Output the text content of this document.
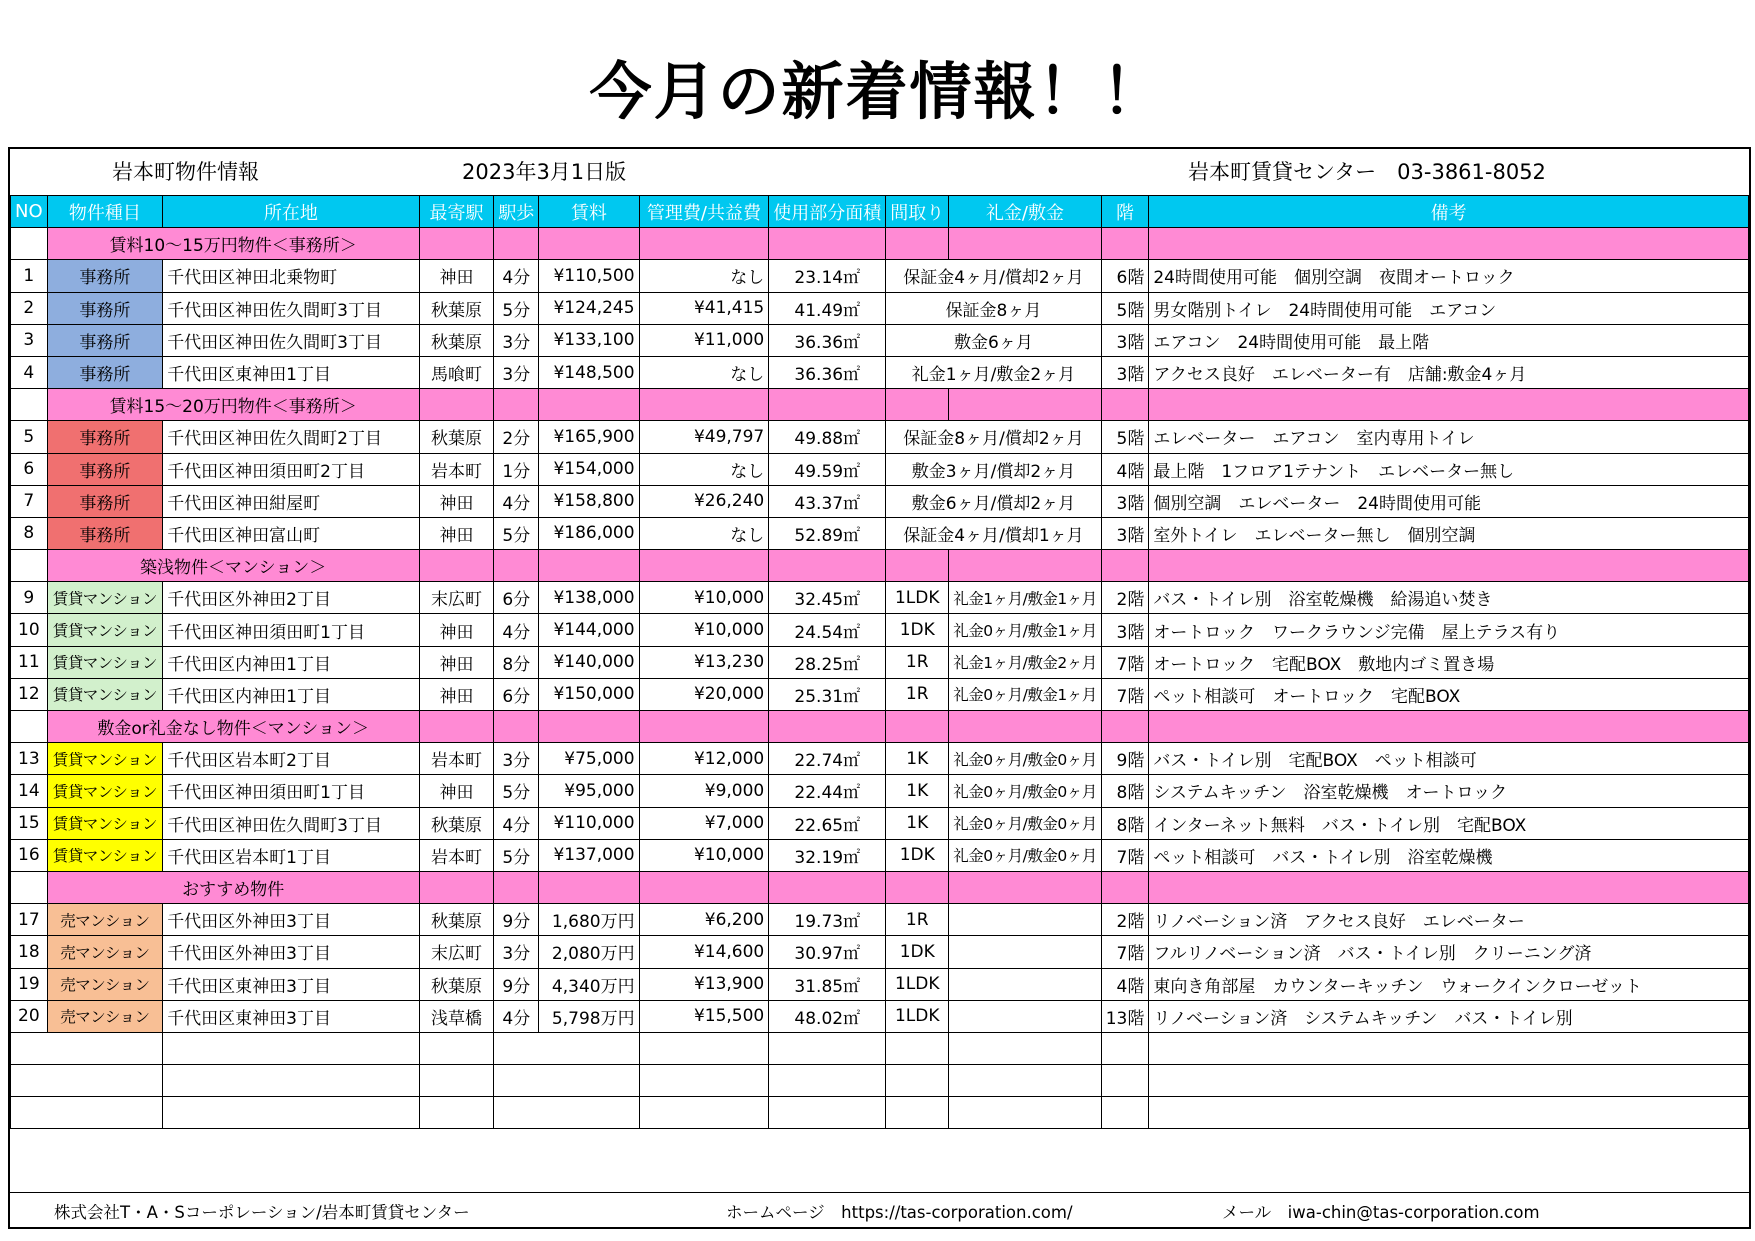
今月の新着情報！！
岩本町物件情報	2023年3月1日版	岩本町賃貸センター　03-3861-8052
NO	物件種目	所在地	最寄駅	駅歩	賃料	管理費/共益費	使用部分面積	間取り	礼金/敷金	階	備考
	賃料10～15万円物件＜事務所＞										
1	事務所	千代田区神田北乗物町	神田	4分	¥110,500	なし	23.14㎡	保証金4ヶ月/償却2ヶ月		6階	24時間使用可能　個別空調　夜間オートロック
2	事務所	千代田区神田佐久間町3丁目	秋葉原	5分	¥124,245	¥41,415	41.49㎡	保証金8ヶ月		5階	男女階別トイレ　24時間使用可能　エアコン
3	事務所	千代田区神田佐久間町3丁目	秋葉原	3分	¥133,100	¥11,000	36.36㎡	敷金6ヶ月		3階	エアコン　24時間使用可能　最上階
4	事務所	千代田区東神田1丁目	馬喰町	3分	¥148,500	なし	36.36㎡	礼金1ヶ月/敷金2ヶ月		3階	アクセス良好　エレベーター有　店舗:敷金4ヶ月
	賃料15～20万円物件＜事務所＞										
5	事務所	千代田区神田佐久間町2丁目	秋葉原	2分	¥165,900	¥49,797	49.88㎡	保証金8ヶ月/償却2ヶ月		5階	エレベーター　エアコン　室内専用トイレ
6	事務所	千代田区神田須田町2丁目	岩本町	1分	¥154,000	なし	49.59㎡	敷金3ヶ月/償却2ヶ月		4階	最上階　1フロア1テナント　エレベーター無し
7	事務所	千代田区神田紺屋町	神田	4分	¥158,800	¥26,240	43.37㎡	敷金6ヶ月/償却2ヶ月		3階	個別空調　エレベーター　24時間使用可能
8	事務所	千代田区神田富山町	神田	5分	¥186,000	なし	52.89㎡	保証金4ヶ月/償却1ヶ月		3階	室外トイレ　エレベーター無し　個別空調
	築浅物件＜マンション＞										
9	賃貸マンション	千代田区外神田2丁目	末広町	6分	¥138,000	¥10,000	32.45㎡	1LDK	礼金1ヶ月/敷金1ヶ月	2階	バス・トイレ別　浴室乾燥機　給湯追い焚き
10	賃貸マンション	千代田区神田須田町1丁目	神田	4分	¥144,000	¥10,000	24.54㎡	1DK	礼金0ヶ月/敷金1ヶ月	3階	オートロック　ワークラウンジ完備　屋上テラス有り
11	賃貸マンション	千代田区内神田1丁目	神田	8分	¥140,000	¥13,230	28.25㎡	1R	礼金1ヶ月/敷金2ヶ月	7階	オートロック　宅配BOX　敷地内ゴミ置き場
12	賃貸マンション	千代田区内神田1丁目	神田	6分	¥150,000	¥20,000	25.31㎡	1R	礼金0ヶ月/敷金1ヶ月	7階	ペット相談可　オートロック　宅配BOX
	敷金or礼金なし物件＜マンション＞										
13	賃貸マンション	千代田区岩本町2丁目	岩本町	3分	¥75,000	¥12,000	22.74㎡	1K	礼金0ヶ月/敷金0ヶ月	9階	バス・トイレ別　宅配BOX　ペット相談可
14	賃貸マンション	千代田区神田須田町1丁目	神田	5分	¥95,000	¥9,000	22.44㎡	1K	礼金0ヶ月/敷金0ヶ月	8階	システムキッチン　浴室乾燥機　オートロック
15	賃貸マンション	千代田区神田佐久間町3丁目	秋葉原	4分	¥110,000	¥7,000	22.65㎡	1K	礼金0ヶ月/敷金0ヶ月	8階	インターネット無料　バス・トイレ別　宅配BOX
16	賃貸マンション	千代田区岩本町1丁目	岩本町	5分	¥137,000	¥10,000	32.19㎡	1DK	礼金0ヶ月/敷金0ヶ月	7階	ペット相談可　バス・トイレ別　浴室乾燥機
	おすすめ物件										
17	売マンション	千代田区外神田3丁目	秋葉原	9分	1,680万円	¥6,200	19.73㎡	1R		2階	リノベーション済　アクセス良好　エレベーター
18	売マンション	千代田区外神田3丁目	末広町	3分	2,080万円	¥14,600	30.97㎡	1DK		7階	フルリノベーション済　バス・トイレ別　クリーニング済
19	売マンション	千代田区東神田3丁目	秋葉原	9分	4,340万円	¥13,900	31.85㎡	1LDK		4階	東向き角部屋　カウンターキッチン　ウォークインクローゼット
20	売マンション	千代田区東神田3丁目	浅草橋	4分	5,798万円	¥15,500	48.02㎡	1LDK		13階	リノベーション済　システムキッチン　バス・トイレ別

株式会社T・A・Sコーポレーション/岩本町賃貸センター	ホームページ　https://tas-corporation.com/	メール　iwa-chin@tas-corporation.com
